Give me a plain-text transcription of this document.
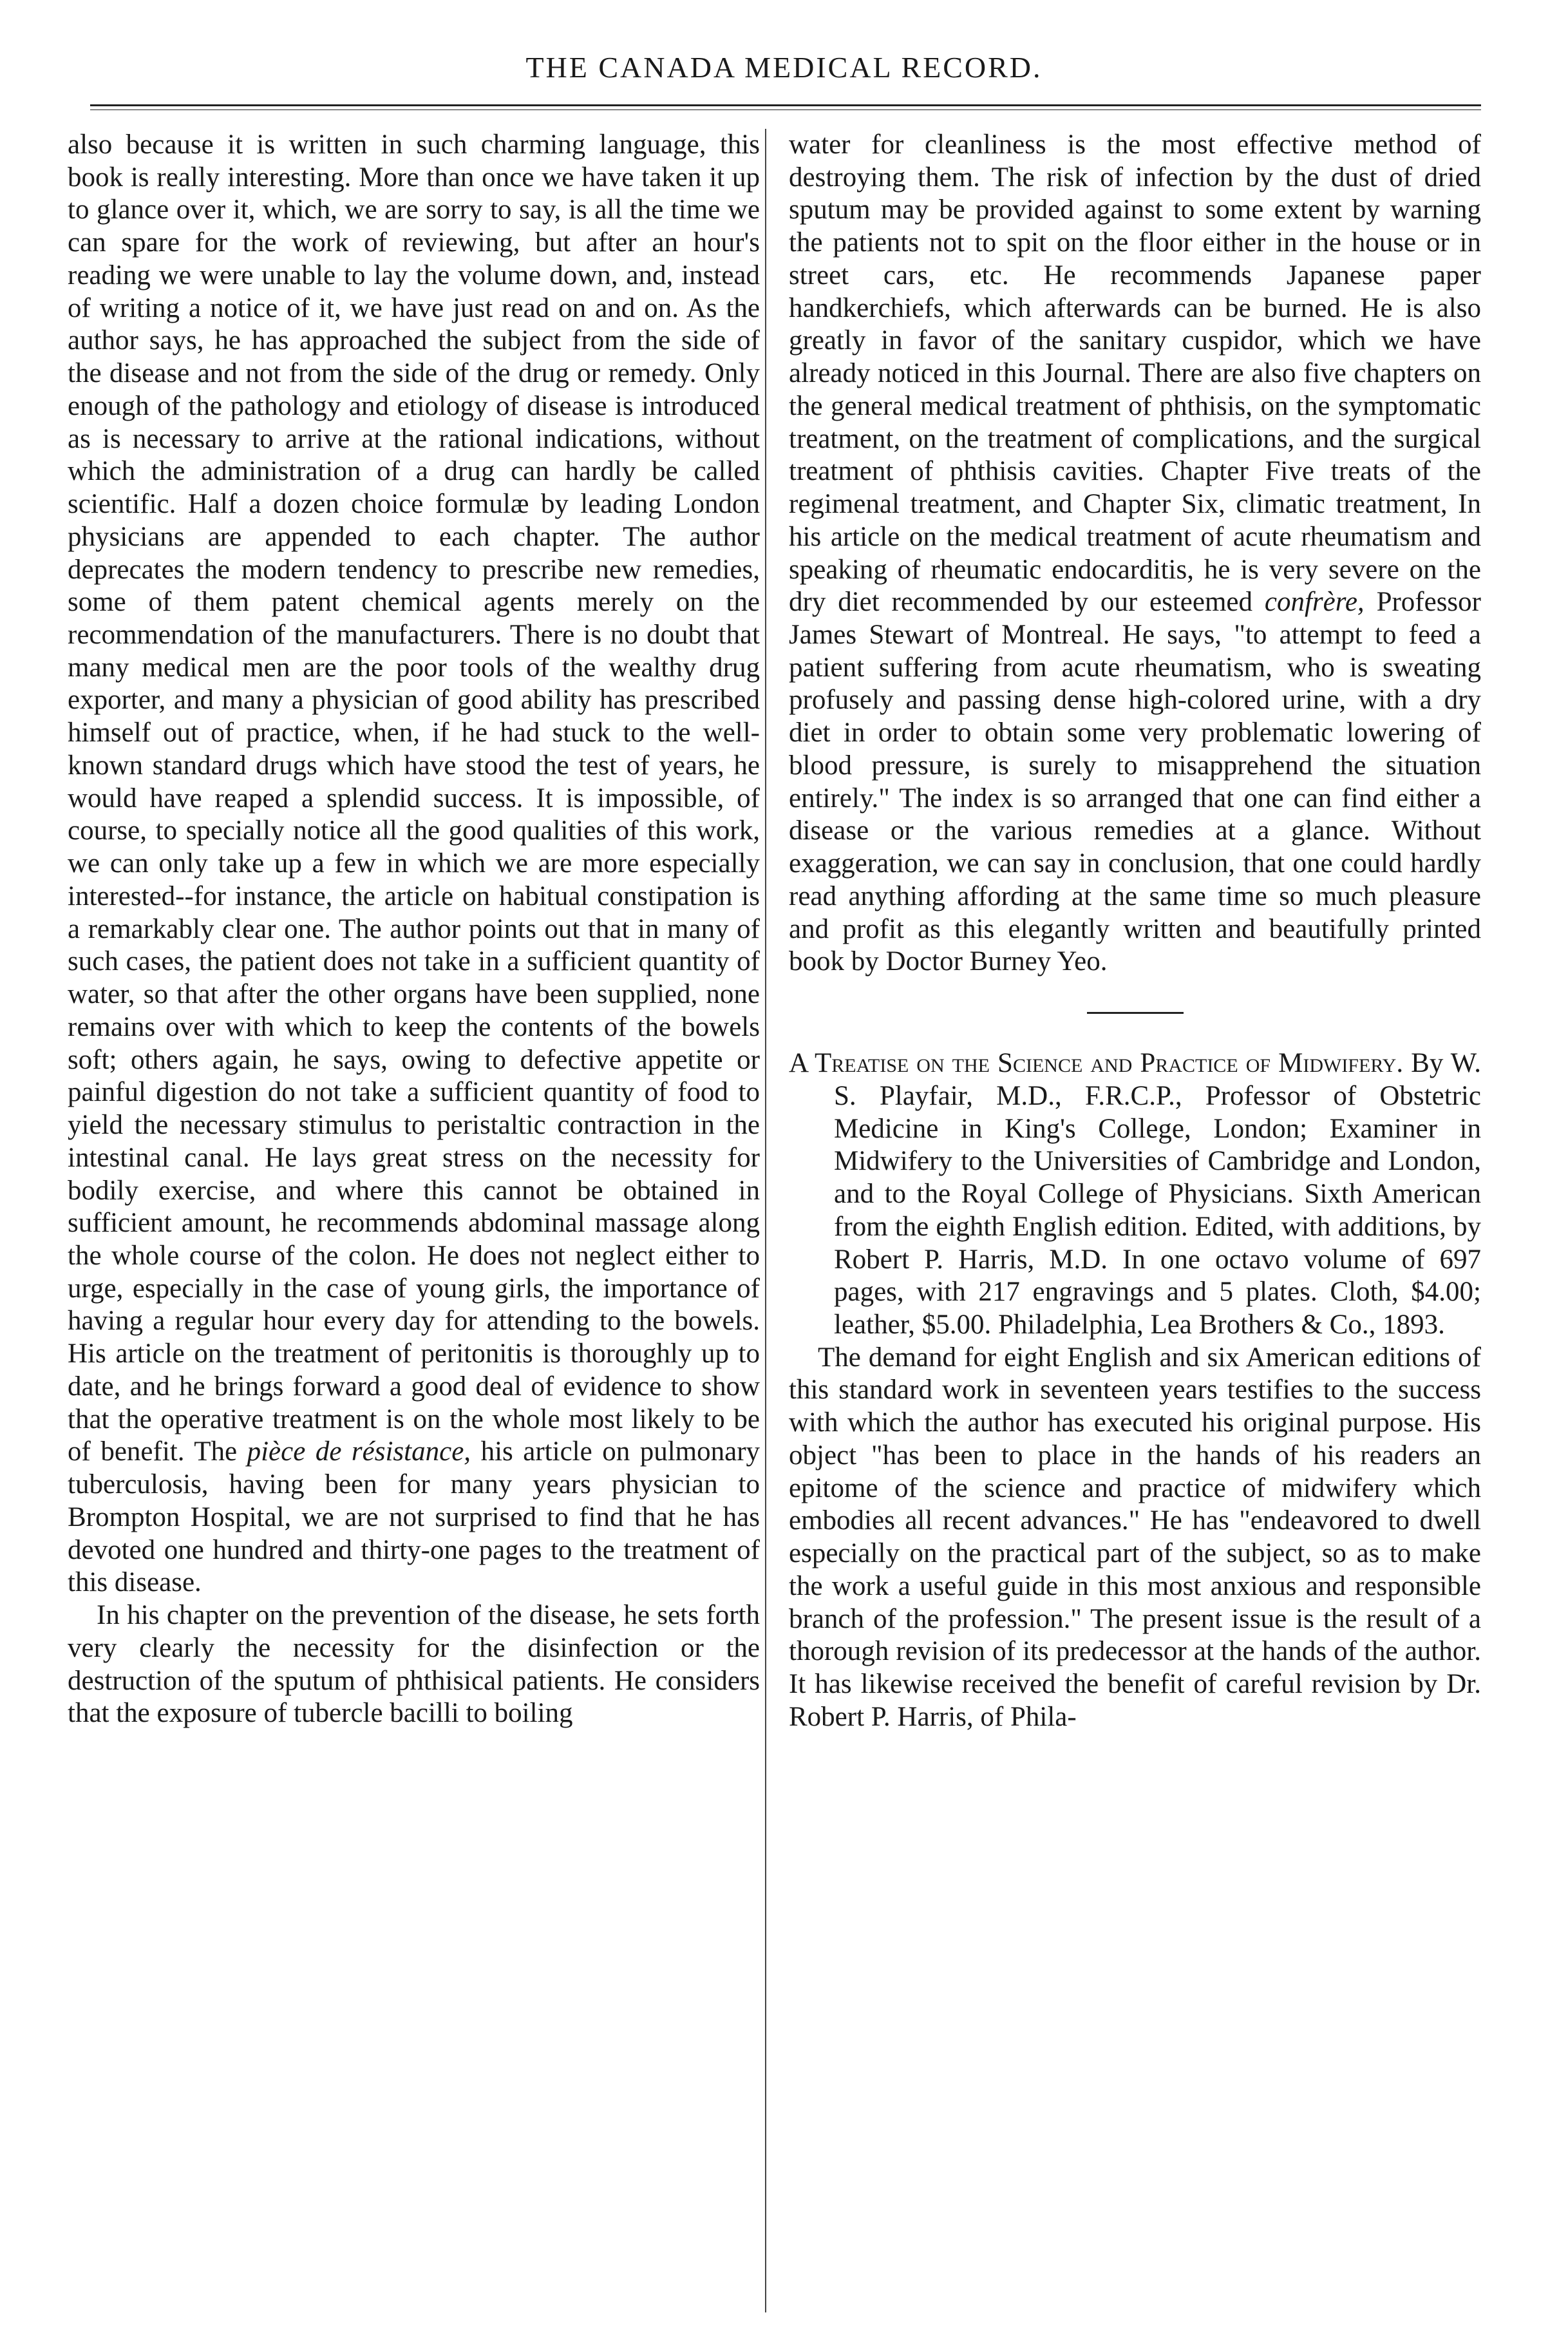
THE CANADA MEDICAL RECORD.

also because it is written in such charming language, this book is really interesting. More than once we have taken it up to glance over it, which, we are sorry to say, is all the time we can spare for the work of reviewing, but after an hour's reading we were unable to lay the volume down, and, instead of writing a notice of it, we have just read on and on. As the author says, he has approached the subject from the side of the disease and not from the side of the drug or remedy. Only enough of the pathology and etiology of disease is introduced as is necessary to arrive at the rational indications, without which the administration of a drug can hardly be called scientific. Half a dozen choice formulæ by leading London physicians are appended to each chapter. The author deprecates the modern tendency to prescribe new remedies, some of them patent chemical agents merely on the recommendation of the manufacturers. There is no doubt that many medical men are the poor tools of the wealthy drug exporter, and many a physician of good ability has prescribed himself out of practice, when, if he had stuck to the well-known standard drugs which have stood the test of years, he would have reaped a splendid success. It is impossible, of course, to specially notice all the good qualities of this work, we can only take up a few in which we are more especially interested--for instance, the article on habitual constipation is a remarkably clear one. The author points out that in many of such cases, the patient does not take in a sufficient quantity of water, so that after the other organs have been supplied, none remains over with which to keep the contents of the bowels soft; others again, he says, owing to defective appetite or painful digestion do not take a sufficient quantity of food to yield the necessary stimulus to peristaltic contraction in the intestinal canal. He lays great stress on the necessity for bodily exercise, and where this cannot be obtained in sufficient amount, he recommends abdominal massage along the whole course of the colon. He does not neglect either to urge, especially in the case of young girls, the importance of having a regular hour every day for attending to the bowels. His article on the treatment of peritonitis is thoroughly up to date, and he brings forward a good deal of evidence to show that the operative treatment is on the whole most likely to be of benefit. The pièce de résistance, his article on pulmonary tuberculosis, having been for many years physician to Brompton Hospital, we are not surprised to find that he has devoted one hundred and thirty-one pages to the treatment of this disease.

In his chapter on the prevention of the disease, he sets forth very clearly the necessity for the disinfection or the destruction of the sputum of phthisical patients. He considers that the exposure of tubercle bacilli to boiling

water for cleanliness is the most effective method of destroying them. The risk of infection by the dust of dried sputum may be provided against to some extent by warning the patients not to spit on the floor either in the house or in street cars, etc. He recommends Japanese paper handkerchiefs, which afterwards can be burned. He is also greatly in favor of the sanitary cuspidor, which we have already noticed in this Journal. There are also five chapters on the general medical treatment of phthisis, on the symptomatic treatment, on the treatment of complications, and the surgical treatment of phthisis cavities. Chapter Five treats of the regimenal treatment, and Chapter Six, climatic treatment, In his article on the medical treatment of acute rheumatism and speaking of rheumatic endocarditis, he is very severe on the dry diet recommended by our esteemed confrère, Professor James Stewart of Montreal. He says, "to attempt to feed a patient suffering from acute rheumatism, who is sweating profusely and passing dense high-colored urine, with a dry diet in order to obtain some very problematic lowering of blood pressure, is surely to misapprehend the situation entirely." The index is so arranged that one can find either a disease or the various remedies at a glance. Without exaggeration, we can say in conclusion, that one could hardly read anything affording at the same time so much pleasure and profit as this elegantly written and beautifully printed book by Doctor Burney Yeo.

A Treatise on the Science and Practice of Midwifery. By W. S. Playfair, M.D., F.R.C.P., Professor of Obstetric Medicine in King's College, London; Examiner in Midwifery to the Universities of Cambridge and London, and to the Royal College of Physicians. Sixth American from the eighth English edition. Edited, with additions, by Robert P. Harris, M.D. In one octavo volume of 697 pages, with 217 engravings and 5 plates. Cloth, $4.00; leather, $5.00. Philadelphia, Lea Brothers & Co., 1893.

The demand for eight English and six American editions of this standard work in seventeen years testifies to the success with which the author has executed his original purpose. His object "has been to place in the hands of his readers an epitome of the science and practice of midwifery which embodies all recent advances." He has "endeavored to dwell especially on the practical part of the subject, so as to make the work a useful guide in this most anxious and responsible branch of the profession." The present issue is the result of a thorough revision of its predecessor at the hands of the author. It has likewise received the benefit of careful revision by Dr. Robert P. Harris, of Phila-
